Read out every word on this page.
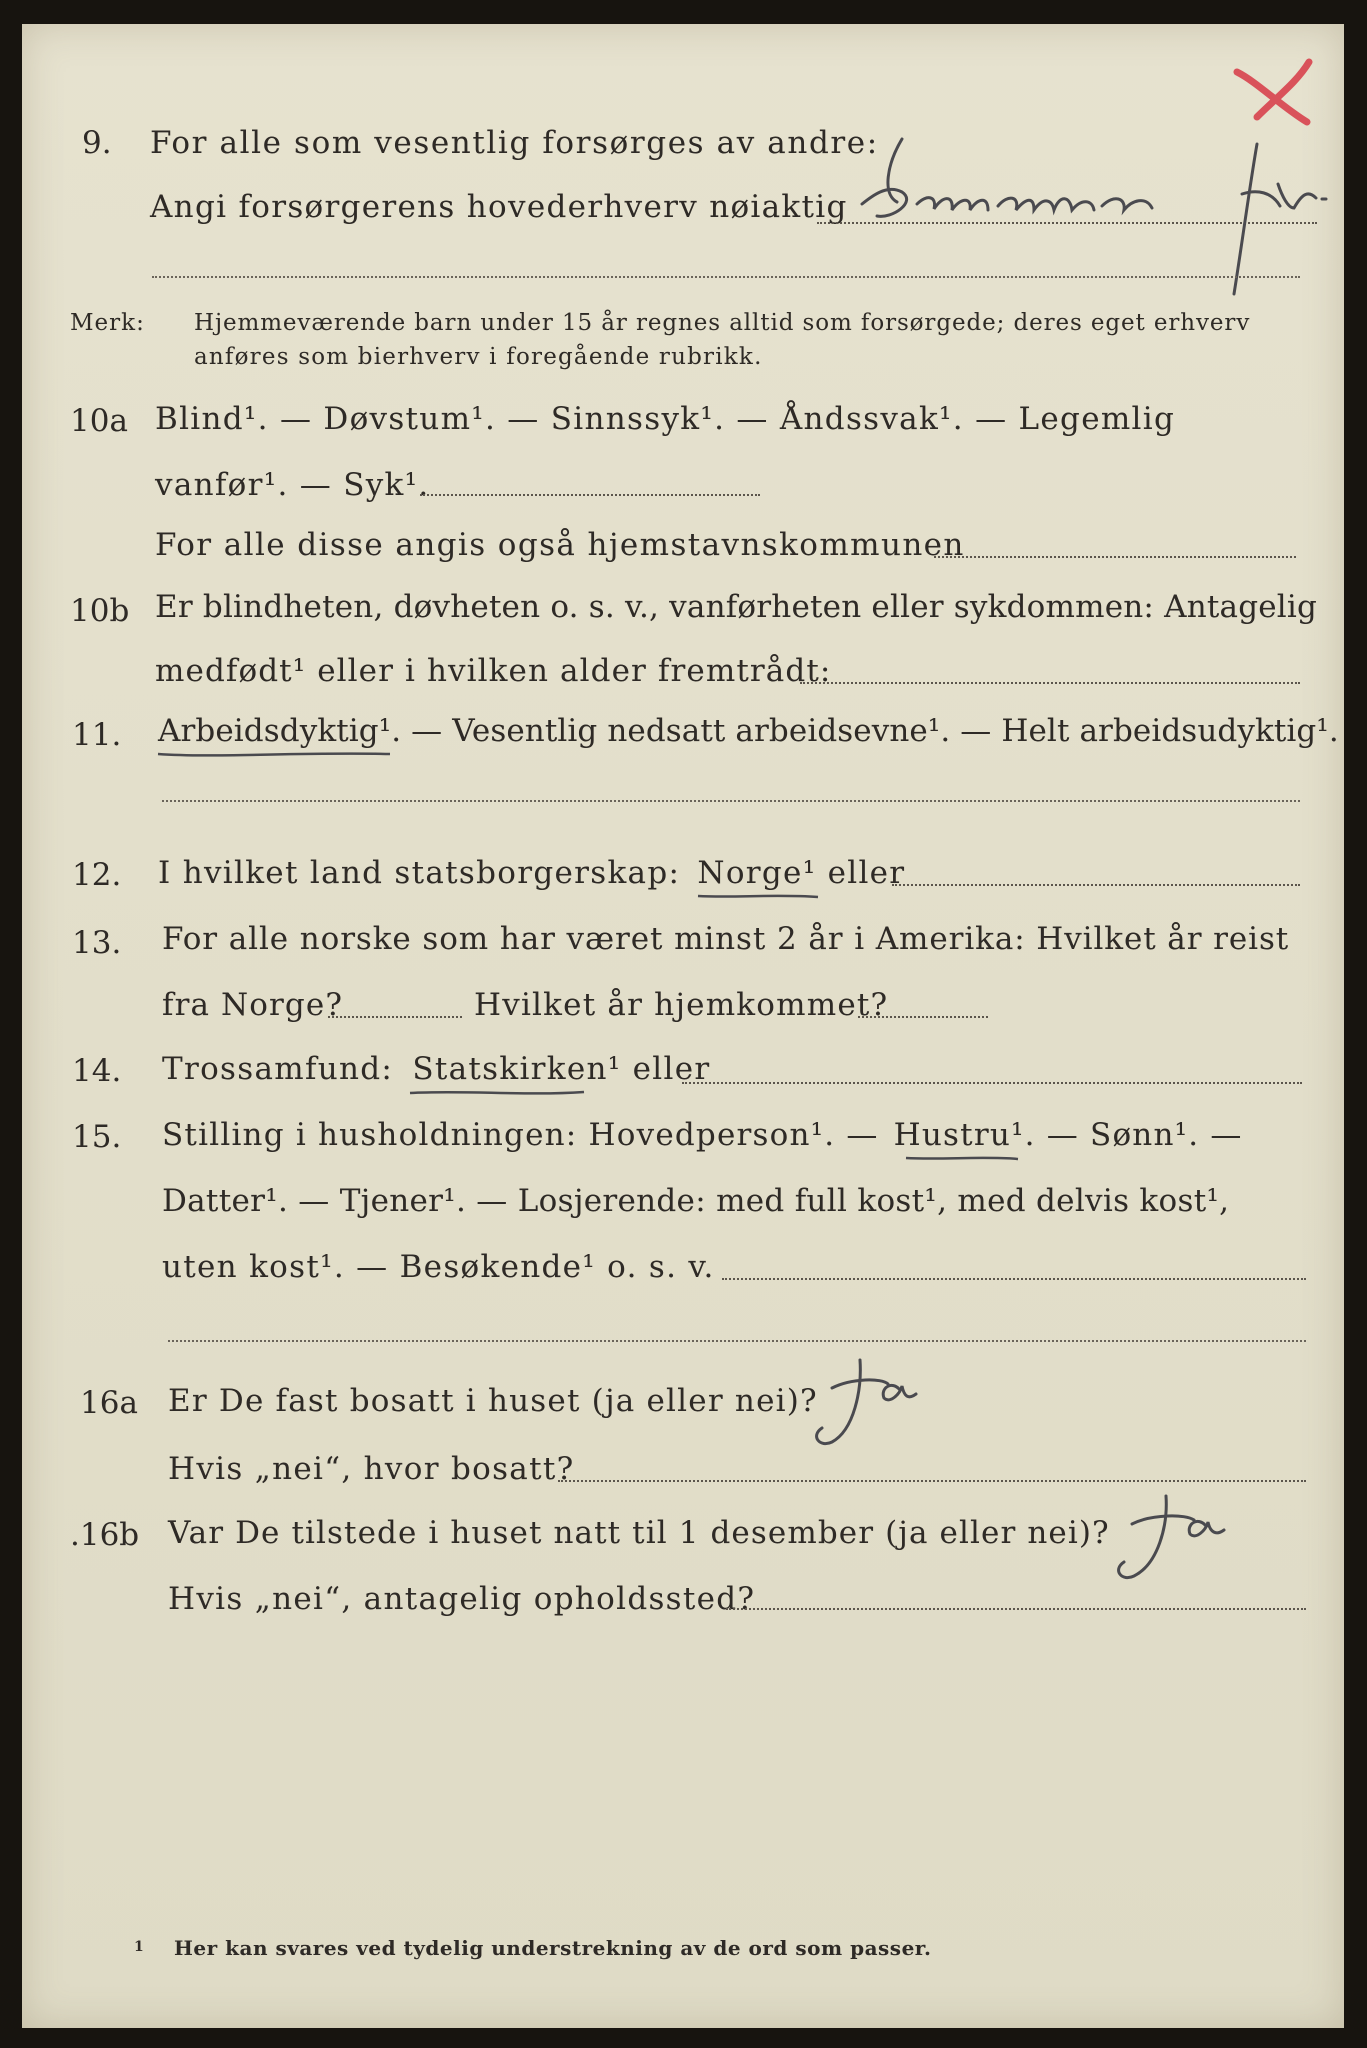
9. For alle som vesentlig forsørges av andre:
Angi forsørgerens hovederhverv nøiaktig
Merk: Hjemmeværende barn under 15 år regnes alltid som forsørgede; deres eget erhverv
anføres som bierhverv i foregående rubrikk.
10a Blind¹. — Døvstum¹. — Sinnssyk¹. — Åndssvak¹. — Legemlig
vanfør¹. — Syk¹.
For alle disse angis også hjemstavnskommunen
10b Er blindheten, døvheten o. s. v., vanførheten eller sykdommen: Antagelig
medfødt¹ eller i hvilken alder fremtrådt:
11. Arbeidsdyktig¹. — Vesentlig nedsatt arbeidsevne¹. — Helt arbeidsudyktig¹.
12. I hvilket land statsborgerskap: Norge¹ eller
13. For alle norske som har været minst 2 år i Amerika: Hvilket år reist
fra Norge?	Hvilket år hjemkommet?
14. Trossamfund: Statskirken¹ eller
15. Stilling i husholdningen: Hovedperson¹. — Hustru¹. — Sønn¹. —
Datter¹. — Tjener¹. — Losjerende: med full kost¹, med delvis kost¹,
uten kost¹. — Besøkende¹ o. s. v.
16a Er De fast bosatt i huset (ja eller nei)?
Hvis „nei“, hvor bosatt?
.16b Var De tilstede i huset natt til 1 desember (ja eller nei)?
Hvis „nei“, antagelig opholdssted?
1 Her kan svares ved tydelig understrekning av de ord som passer.
